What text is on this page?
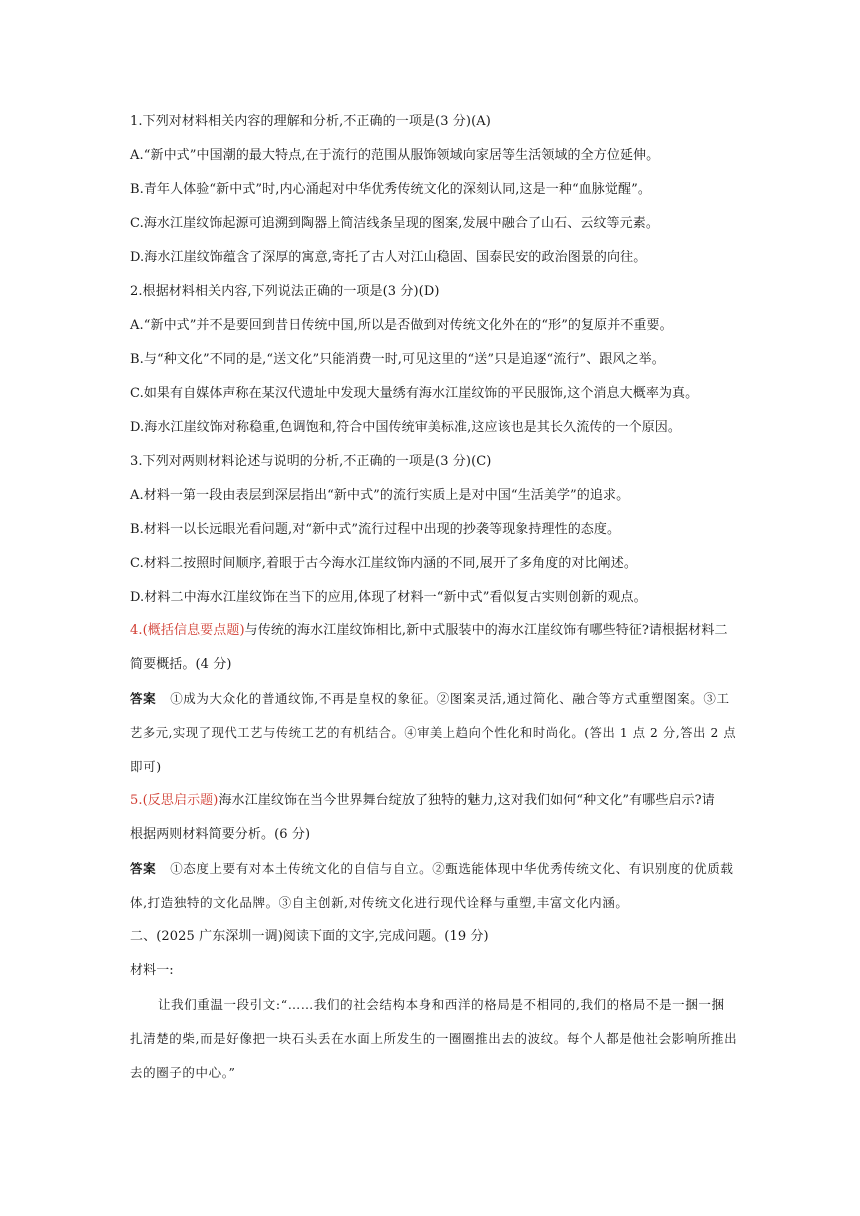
1.下列对材料相关内容的理解和分析,不正确的一项是(3 分)(A)
A.“新中式”中国潮的最大特点,在于流行的范围从服饰领域向家居等生活领域的全方位延伸。
B.青年人体验“新中式”时,内心涌起对中华优秀传统文化的深刻认同,这是一种“血脉觉醒”。
C.海水江崖纹饰起源可追溯到陶器上简洁线条呈现的图案,发展中融合了山石、云纹等元素。
D.海水江崖纹饰蕴含了深厚的寓意,寄托了古人对江山稳固、国泰民安的政治图景的向往。
2.根据材料相关内容,下列说法正确的一项是(3 分)(D)
A.“新中式”并不是要回到昔日传统中国,所以是否做到对传统文化外在的“形”的复原并不重要。
B.与“种文化”不同的是,“送文化”只能消费一时,可见这里的“送”只是追逐“流行”、跟风之举。
C.如果有自媒体声称在某汉代遗址中发现大量绣有海水江崖纹饰的平民服饰,这个消息大概率为真。
D.海水江崖纹饰对称稳重,色调饱和,符合中国传统审美标准,这应该也是其长久流传的一个原因。
3.下列对两则材料论述与说明的分析,不正确的一项是(3 分)(C)
A.材料一第一段由表层到深层指出“新中式”的流行实质上是对中国“生活美学”的追求。
B.材料一以长远眼光看问题,对“新中式”流行过程中出现的抄袭等现象持理性的态度。
C.材料二按照时间顺序,着眼于古今海水江崖纹饰内涵的不同,展开了多角度的对比阐述。
D.材料二中海水江崖纹饰在当下的应用,体现了材料一“新中式”看似复古实则创新的观点。
4.(概括信息要点题)与传统的海水江崖纹饰相比,新中式服装中的海水江崖纹饰有哪些特征?请根据材料二
简要概括。(4 分)
答案 ①成为大众化的普通纹饰,不再是皇权的象征。②图案灵活,通过简化、融合等方式重塑图案。③工
艺多元,实现了现代工艺与传统工艺的有机结合。④审美上趋向个性化和时尚化。(答出 1 点 2 分,答出 2 点
即可)
5.(反思启示题)海水江崖纹饰在当今世界舞台绽放了独特的魅力,这对我们如何“种文化”有哪些启示?请
根据两则材料简要分析。(6 分)
答案 ①态度上要有对本土传统文化的自信与自立。②甄选能体现中华优秀传统文化、有识别度的优质载
体,打造独特的文化品牌。③自主创新,对传统文化进行现代诠释与重塑,丰富文化内涵。
二、(2025 广东深圳一调)阅读下面的文字,完成问题。(19 分)
材料一:
让我们重温一段引文:“……我们的社会结构本身和西洋的格局是不相同的,我们的格局不是一捆一捆
扎清楚的柴,而是好像把一块石头丢在水面上所发生的一圈圈推出去的波纹。每个人都是他社会影响所推出
去的圈子的中心。”
